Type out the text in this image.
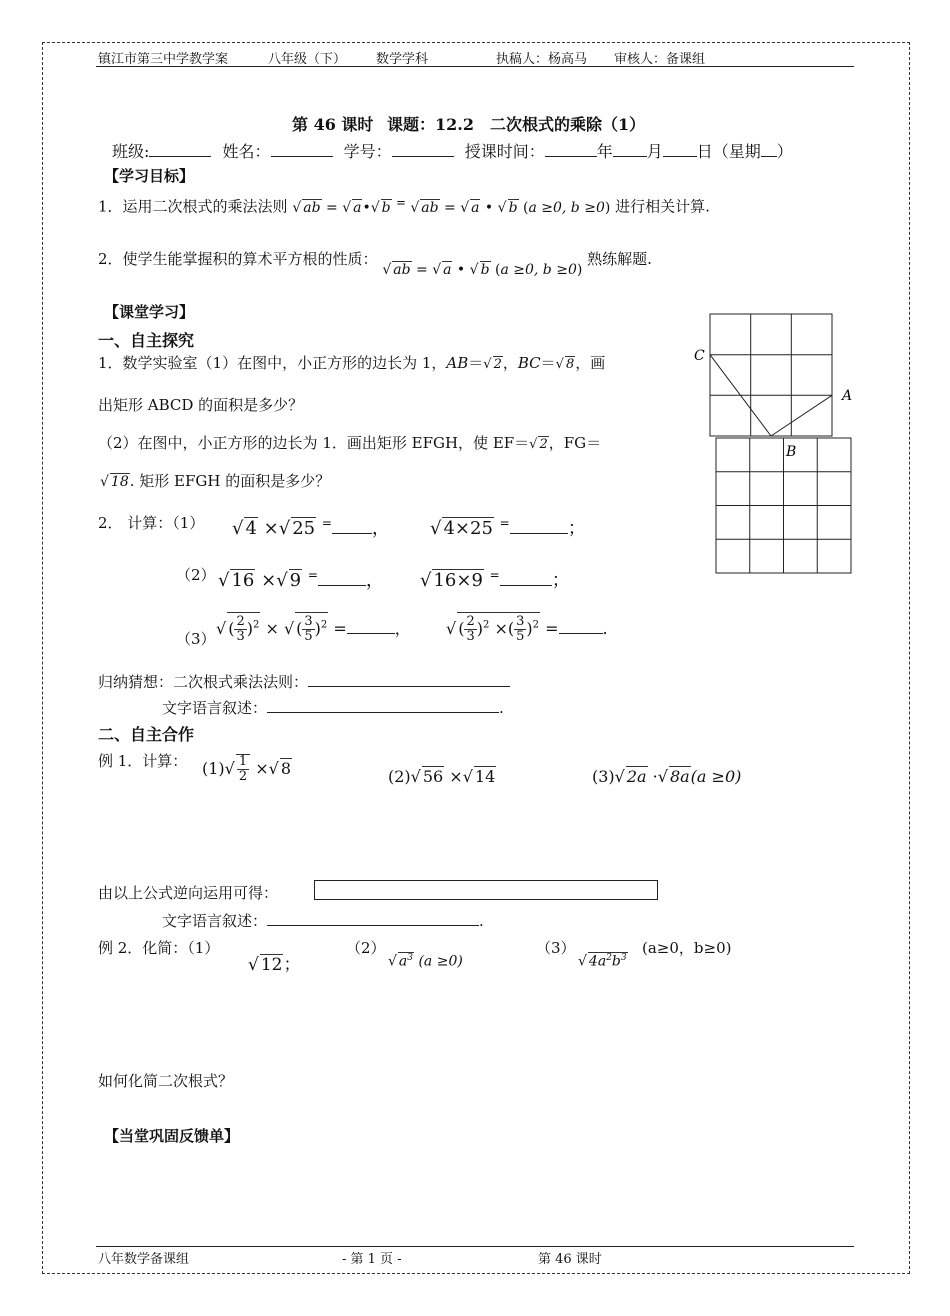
镇江市第三中学教学案	八年级（下） 数学学科	执稿人：杨高马 审核人：备课组
第 46 课时 课题：12.2　二次根式的乘除（1）
班级:	姓名：	学号：	授课时间：	年 月 日（星期 ）
【学习目标】
1．运用二次根式的乘法法则 √ ab = √ a•√ b = √ ab = √ a • √ b (a ≥0, b ≥0) 进行相关计算.
2．使学生能掌握积的算术平方根的性质： √ ab = √ a • √ b (a ≥0, b ≥0) 熟练解题.
【课堂学习】
一、自主探究
1．数学实验室（1）在图中，小正方形的边长为 1，AB＝√ 2，BC＝√ 8，画
出矩形 ABCD 的面积是多少？
（2）在图中，小正方形的边长为 1．画出矩形 EFGH，使 EF＝√ 2，FG＝
√ 18. 矩形 EFGH 的面积是多少？
C
A
B
2． 计算：（1） √ 4 ×√ 25 = ， √ 4×25 =	；
（2） √ 16 ×√ 9 =	， √ 16×9 =	；
（3）
√ ( $\frac{2}{3} )^2$ × √ ( $\frac{3}{5} )^2$ =	， √ ( $\frac{2}{3} )^2$ ×( $\frac{3}{5} )^2$ =	.
归纳猜想：二次根式乘法法则：
文字语言叙述：	.
二、自主合作
例 1．计算： $(1)√ \frac{1}{2}$ ×√ 8	(2)√ 56 ×√ 14	(3)√ 2a ·√ 8a(a ≥0)
由以上公式逆向运用可得：
文字语言叙述：	.
例 2．化简：（1）
√ 12；
（2）
√ $a^3$ (a ≥0)
（3）
√ $4a^2b^3$
(a≥0，b≥0)
如何化简二次根式？
【当堂巩固反馈单】
八年数学备课组	- 第 1 页 -	第 46 课时
